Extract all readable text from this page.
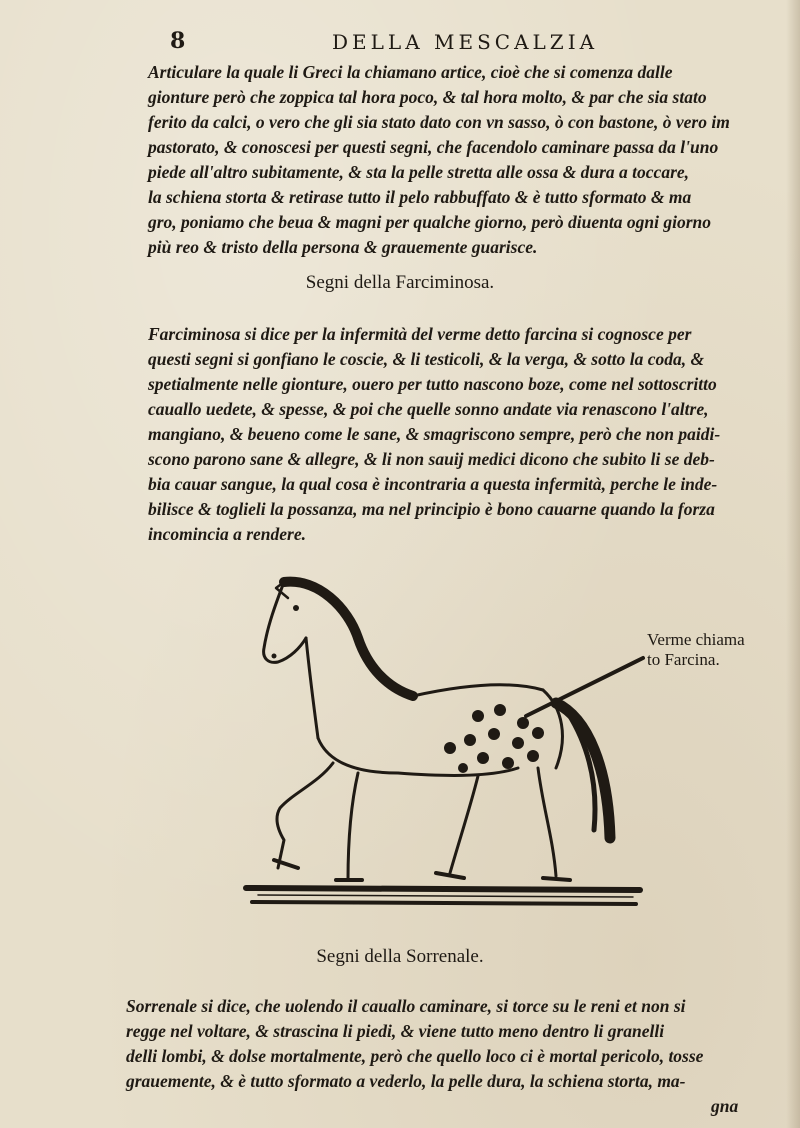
8	DELLA MESCALZIA

Articulare la quale li Greci la chiamano artice, cioè che si comenza dalle
gionture però che zoppica tal hora poco, & tal hora molto, & par che sia stato
ferito da calci, o vero che gli sia stato dato con vn sasso, ò con bastone, ò vero im
pastorato, & conoscesi per questi segni, che facendolo caminare passa da l'uno
piede all'altro subitamente, & sta la pelle stretta alle ossa & dura a toccare,
la schiena storta & retirase tutto il pelo rabbuffato & è tutto sformato & ma
gro, poniamo che beua & magni per qualche giorno, però diuenta ogni giorno
più reo & tristo della persona & grauemente guarisce.

Segni della Farciminosa.

Farciminosa si dice per la infermità del verme detto farcina si cognosce per
questi segni si gonfiano le coscie, & li testicoli, & la verga, & sotto la coda, &
spetialmente nelle gionture, ouero per tutto nascono boze, come nel sottoscritto
cauallo uedete, & spesse, & poi che quelle sonno andate via renascono l'altre,
mangiano, & beueno come le sane, & smagriscono sempre, però che non paidi-
scono parono sane & allegre, & li non sauij medici dicono che subito li se deb-
bia cauar sangue, la qual cosa è incontraria a questa infermità, perche le inde-
bilisce & toglieli la possanza, ma nel principio è bono cauarne quando la forza
incomincia a rendere.

Verme chiama
to Farcina.

Segni della Sorrenale.

Sorrenale si dice, che uolendo il cauallo caminare, si torce su le reni et non si
regge nel voltare, & strascina li piedi, & viene tutto meno dentro li granelli
delli lombi, & dolse mortalmente, però che quello loco ci è mortal pericolo, tosse
grauemente, & è tutto sformato a vederlo, la pelle dura, la schiena storta, ma-
gna
